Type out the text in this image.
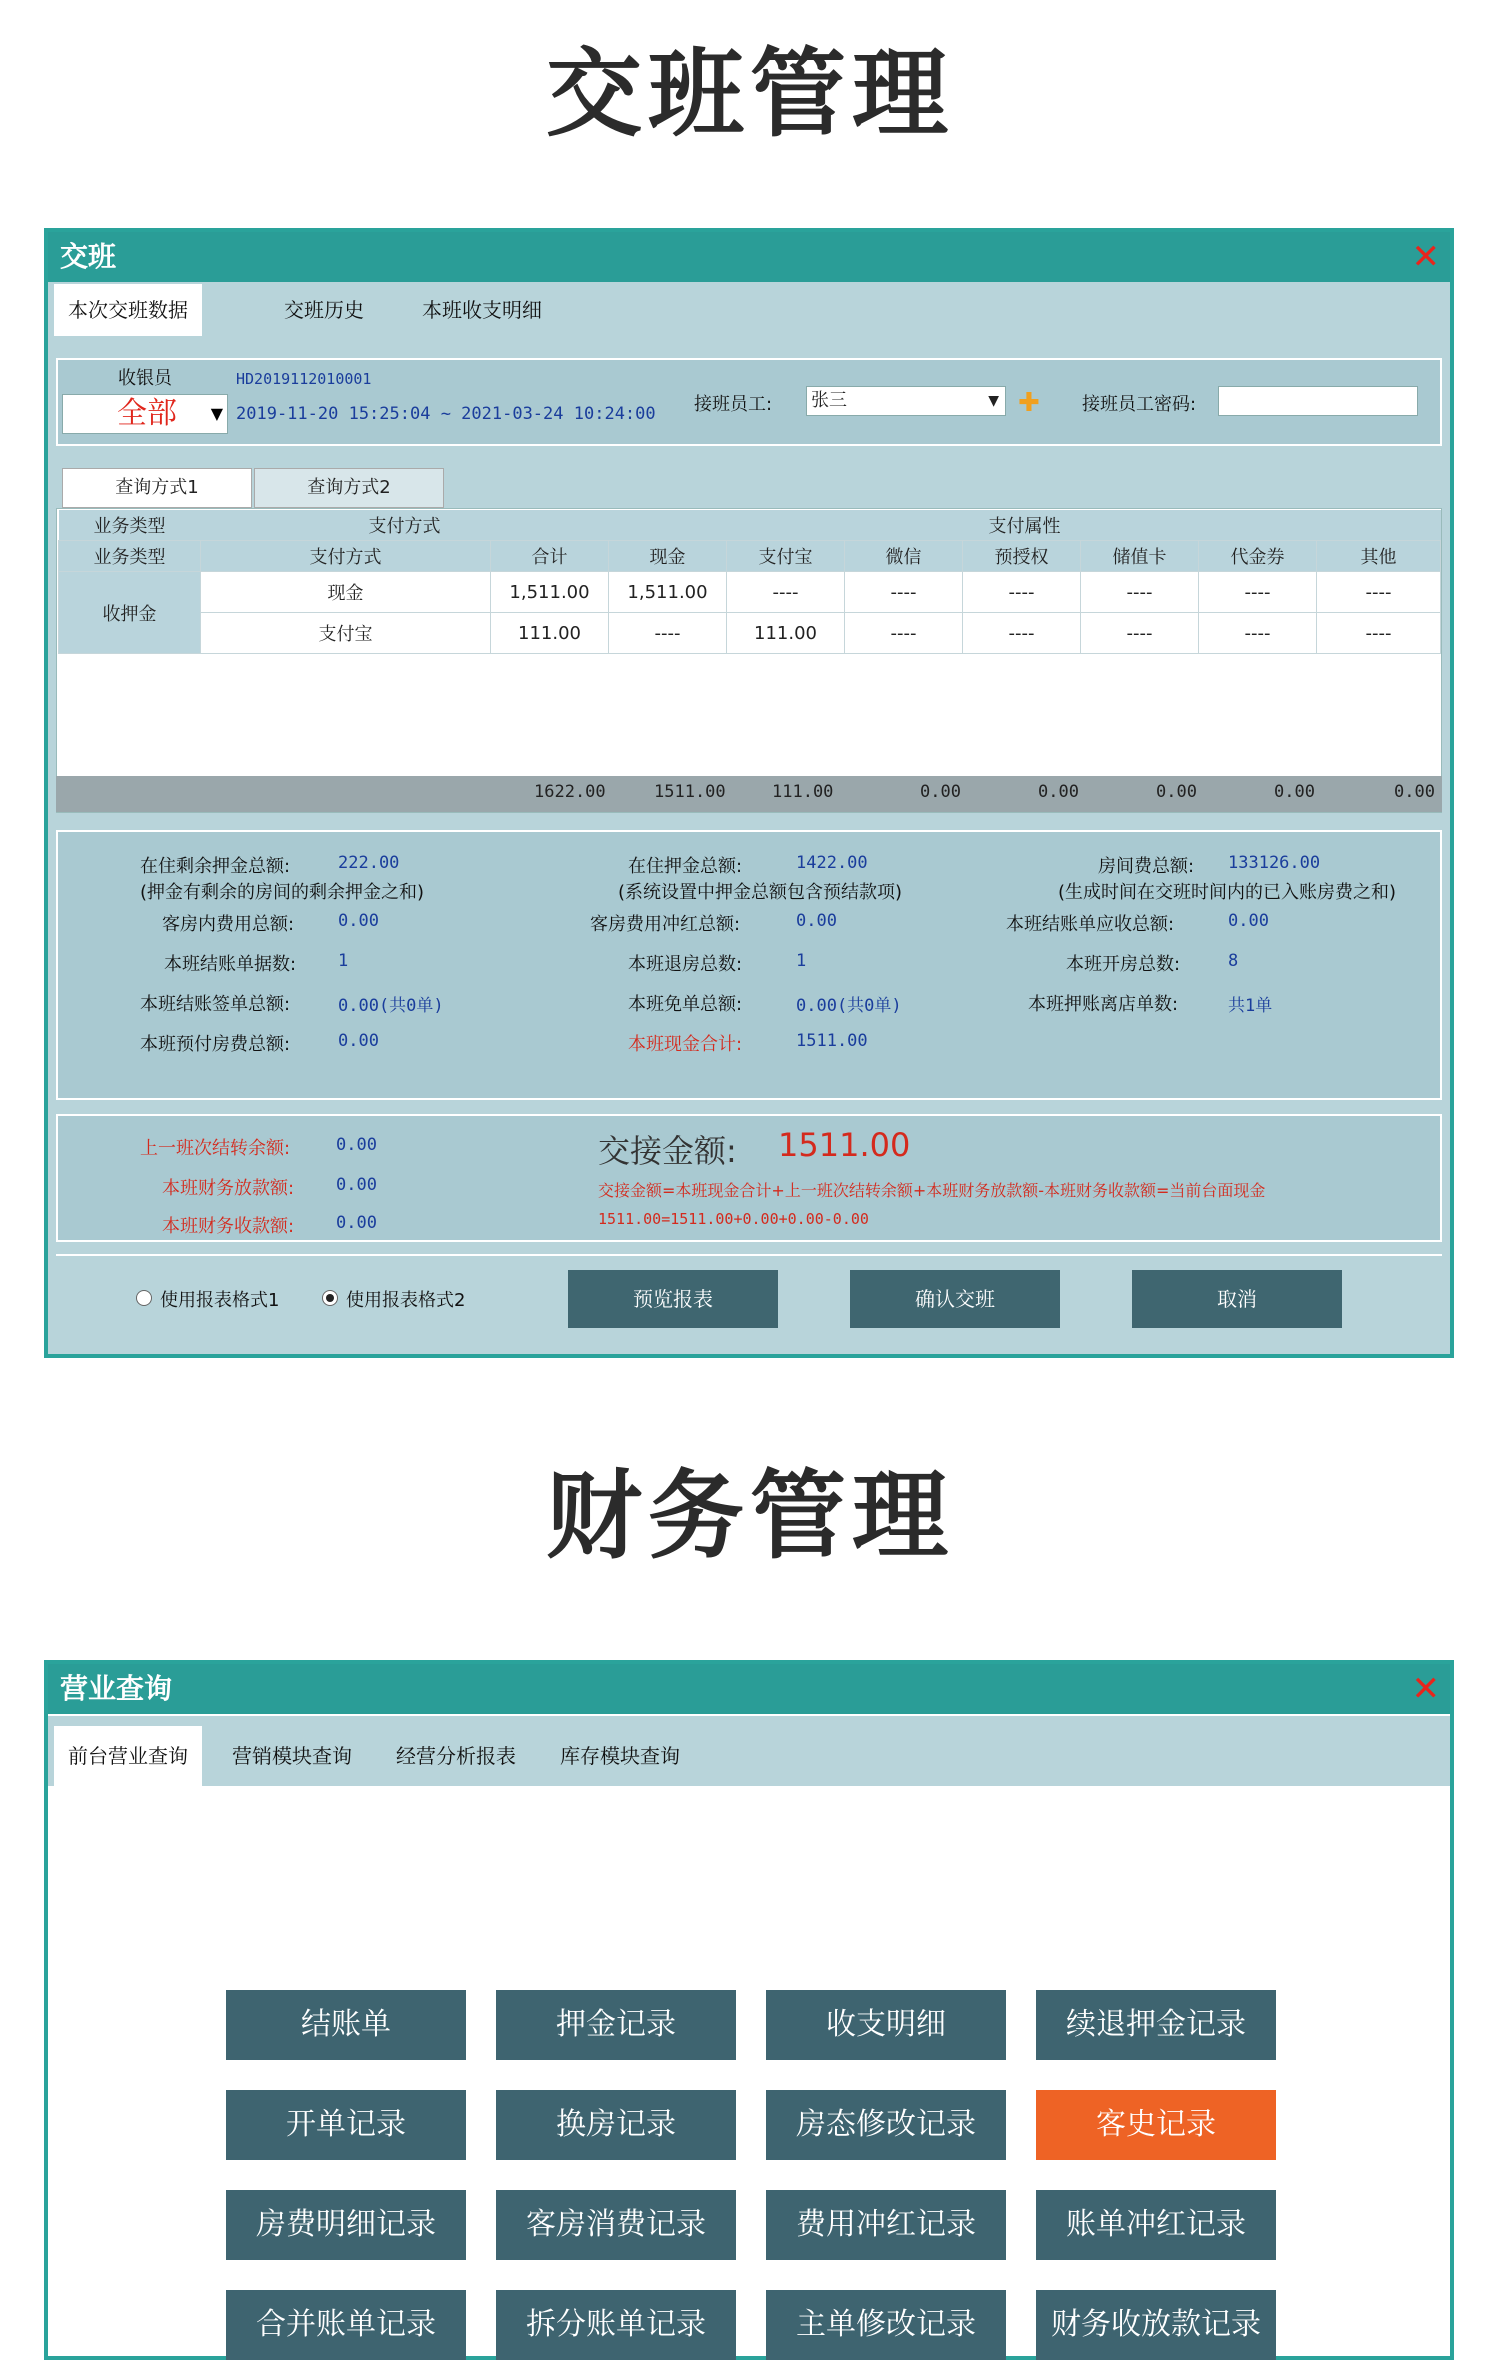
交班管理
交班	✕
本次交班数据	交班历史	本班收支明细
收银员
全部 ▼
HD2019112010001
2019-11-20 15:25:04 ~ 2021-03-24 10:24:00 接班员工: 张三	▼ ✚ 接班员工密码:
查询方式1	查询方式2
业务类型	支付方式		支付属性						
业务类型	支付方式	合计	现金	支付宝	微信	预授权	储值卡	代金券	其他
收押金	现金	1,511.00	1,511.00	----	----	----	----	----	----
	支付宝	111.00	----	111.00	----	----	----	----	----
1622.00	1511.00	111.00	0.00	0.00	0.00	0.00	0.00
在住剩余押金总额:	222.00
(押金有剩余的房间的剩余押金之和)
在住押金总额:	1422.00
(系统设置中押金总额包含预结款项)
房间费总额: 133126.00
(生成时间在交班时间内的已入账房费之和)
客房内费用总额:	0.00	客房费用冲红总额:	0.00	本班结账单应收总额:	0.00
本班结账单据数: 1	本班退房总数:	1	本班开房总数:	8
本班结账签单总额:	0.00(共0单)	本班免单总额:	0.00(共0单)	本班押账离店单数:	共1单
本班预付房费总额:	0.00	本班现金合计:	1511.00
上一班次结转余额:	0.00
本班财务放款额: 0.00
本班财务收款额: 0.00
交接金额: 1511.00
交接金额=本班现金合计+上一班次结转余额+本班财务放款额-本班财务收款额=当前台面现金
1511.00=1511.00+0.00+0.00-0.00
使用报表格式1	使用报表格式2	预览报表	确认交班	取消
财务管理
营业查询	✕
前台营业查询	营销模块查询	经营分析报表	库存模块查询
结账单	押金记录	收支明细	续退押金记录
开单记录	换房记录	房态修改记录	客史记录
房费明细记录	客房消费记录	费用冲红记录	账单冲红记录
合并账单记录	拆分账单记录	主单修改记录	财务收放款记录
